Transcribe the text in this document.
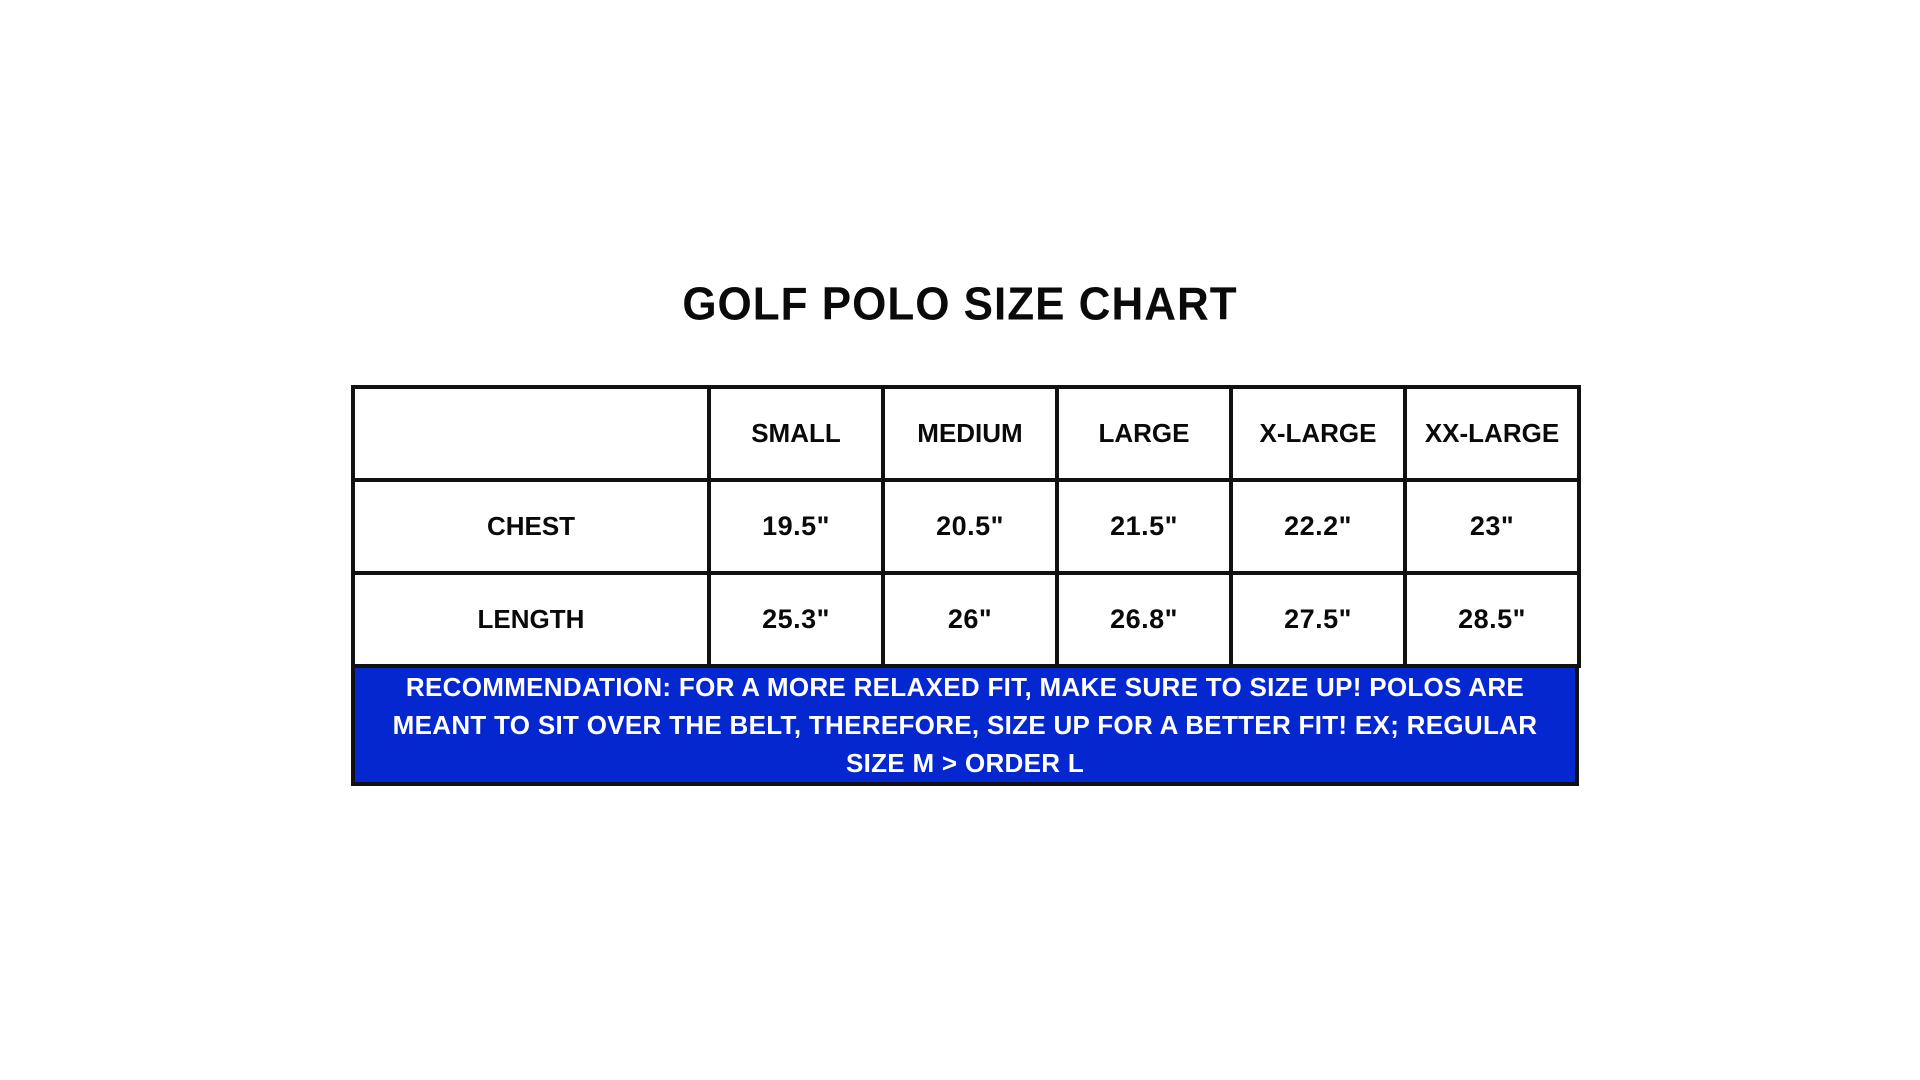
GOLF POLO SIZE CHART
	SMALL	MEDIUM	LARGE	X-LARGE	XX-LARGE
CHEST	19.5"	20.5"	21.5"	22.2"	23"
LENGTH	25.3"	26"	26.8"	27.5"	28.5"
RECOMMENDATION: FOR A MORE RELAXED FIT, MAKE SURE TO SIZE UP! POLOS ARE MEANT TO SIT OVER THE BELT, THEREFORE, SIZE UP FOR A BETTER FIT! EX; REGULAR SIZE M > ORDER L
